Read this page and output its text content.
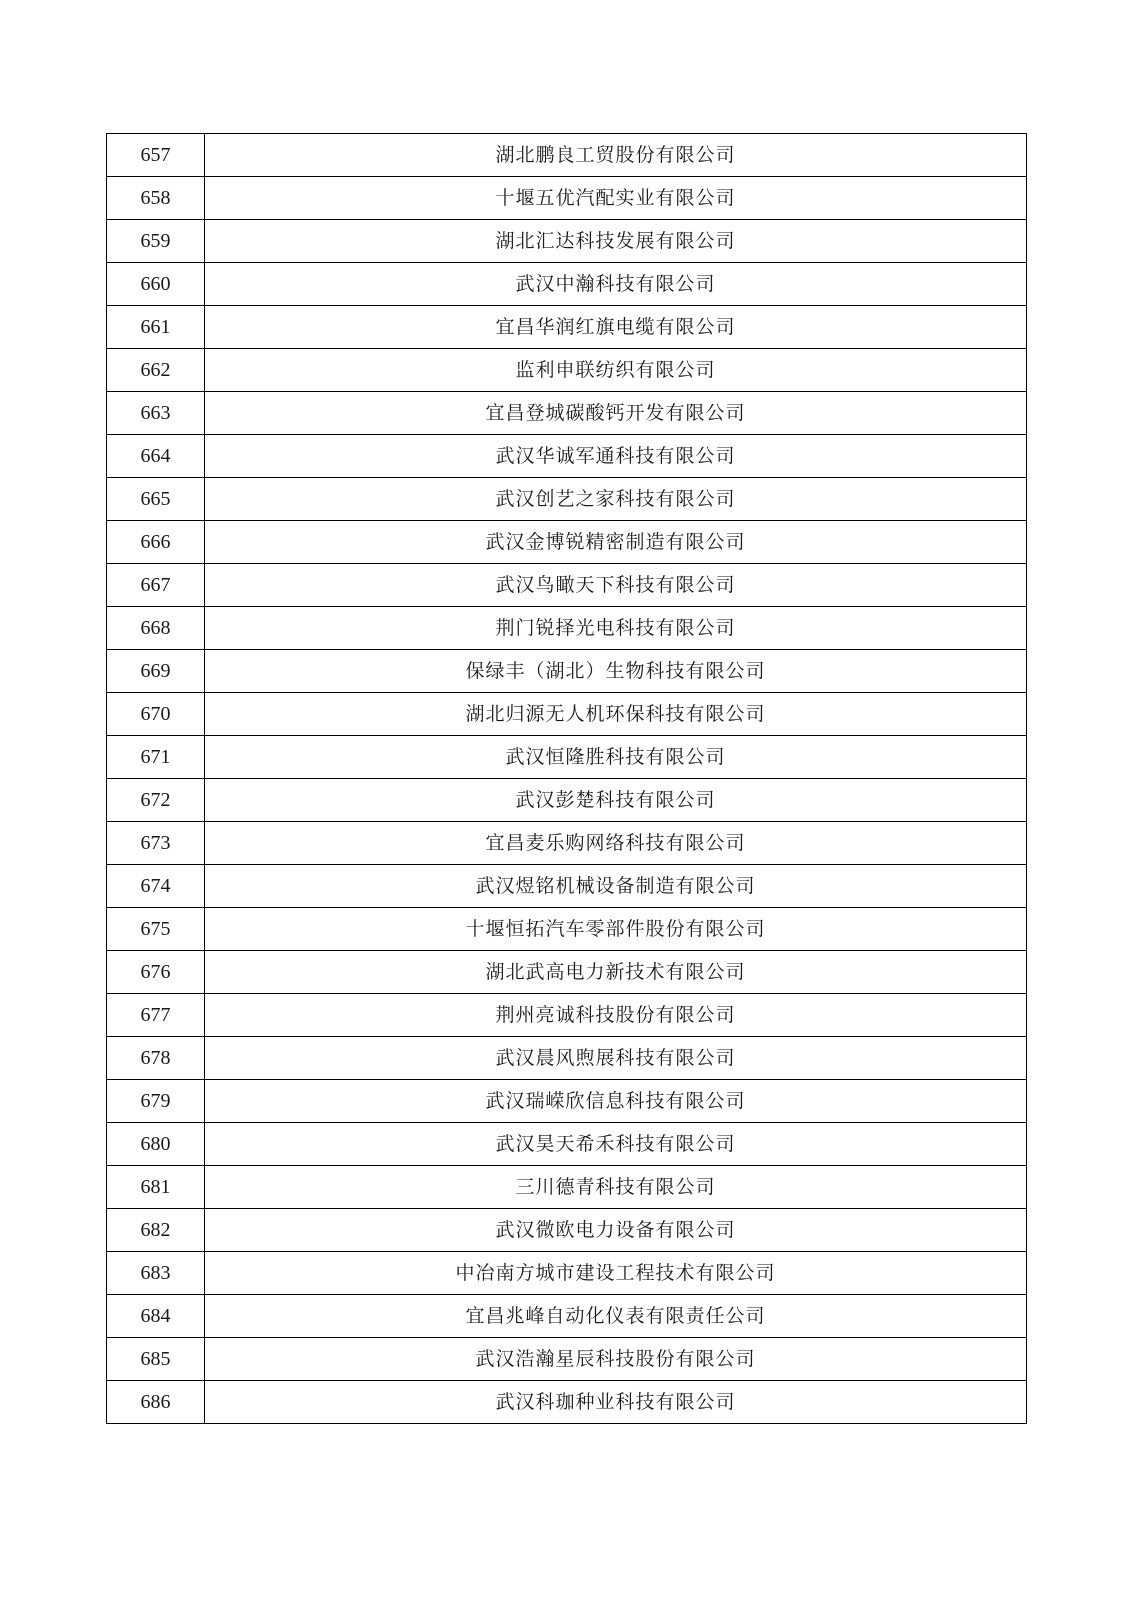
657	湖北鹏良工贸股份有限公司
658	十堰五优汽配实业有限公司
659	湖北汇达科技发展有限公司
660	武汉中瀚科技有限公司
661	宜昌华润红旗电缆有限公司
662	监利申联纺织有限公司
663	宜昌登城碳酸钙开发有限公司
664	武汉华诚军通科技有限公司
665	武汉创艺之家科技有限公司
666	武汉金博锐精密制造有限公司
667	武汉鸟瞰天下科技有限公司
668	荆门锐择光电科技有限公司
669	保绿丰（湖北）生物科技有限公司
670	湖北归源无人机环保科技有限公司
671	武汉恒隆胜科技有限公司
672	武汉彭楚科技有限公司
673	宜昌麦乐购网络科技有限公司
674	武汉煜铭机械设备制造有限公司
675	十堰恒拓汽车零部件股份有限公司
676	湖北武高电力新技术有限公司
677	荆州亮诚科技股份有限公司
678	武汉晨风煦展科技有限公司
679	武汉瑞嵘欣信息科技有限公司
680	武汉昊天希禾科技有限公司
681	三川德青科技有限公司
682	武汉微欧电力设备有限公司
683	中冶南方城市建设工程技术有限公司
684	宜昌兆峰自动化仪表有限责任公司
685	武汉浩瀚星辰科技股份有限公司
686	武汉科珈种业科技有限公司
